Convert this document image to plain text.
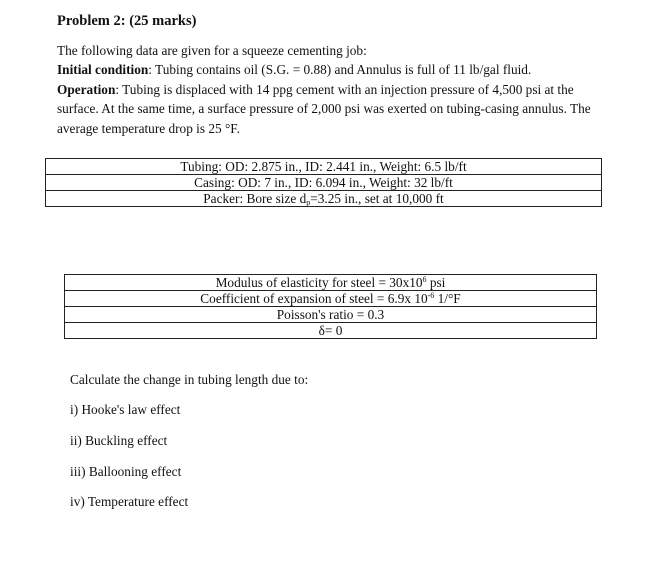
Problem 2: (25 marks)
The following data are given for a squeeze cementing job:
Initial condition: Tubing contains oil (S.G. = 0.88) and Annulus is full of 11 lb/gal fluid.
Operation: Tubing is displaced with 14 ppg cement with an injection pressure of 4,500 psi at the surface. At the same time, a surface pressure of 2,000 psi was exerted on tubing-casing annulus. The average temperature drop is 25 °F.
Tubing: OD: 2.875 in., ID: 2.441 in., Weight: 6.5 lb/ft
Casing: OD: 7 in., ID: 6.094 in., Weight: 32 lb/ft
Packer: Bore size $d_p=3.25$ in., set at 10,000 ft
Modulus of elasticity for steel = $30x10^6$ psi
Coefficient of expansion of steel = 6.9x $10^{-6}$ 1/°F
Poisson's ratio = 0.3
δ= 0
Calculate the change in tubing length due to:
i) Hooke's law effect
ii) Buckling effect
iii) Ballooning effect
iv) Temperature effect
